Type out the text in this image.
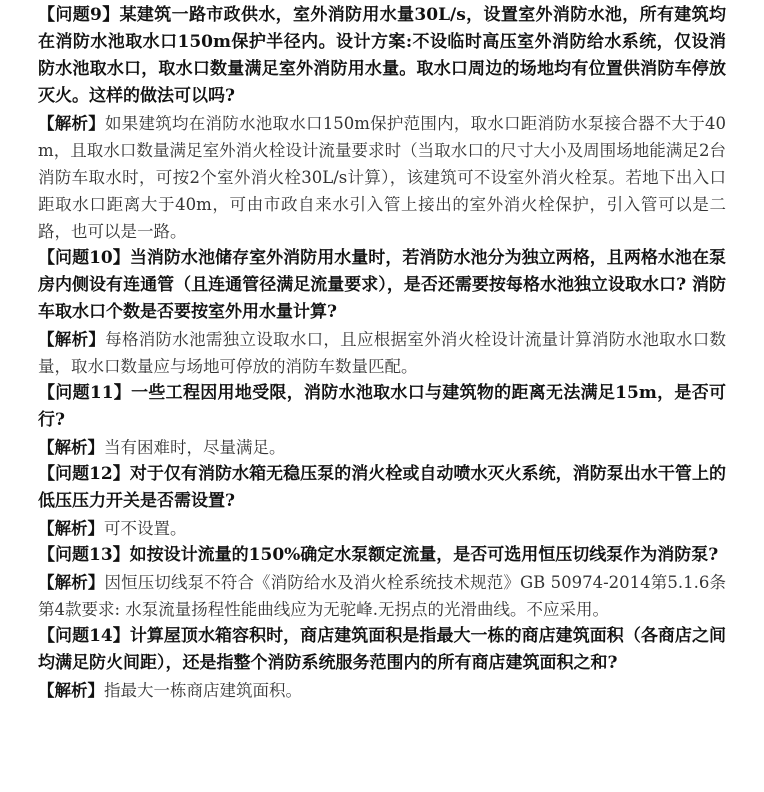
【问题9】某建筑一路市政供水，室外消防用水量30L/s，设置室外消防水池，所有建筑均在消防水池取水口150m保护半径内。设计方案:不设临时高压室外消防给水系统，仅设消防水池取水口，取水口数量满足室外消防用水量。取水口周边的场地均有位置供消防车停放灭火。这样的做法可以吗?

【解析】如果建筑均在消防水池取水口150m保护范围内，取水口距消防水泵接合器不大于40m，且取水口数量满足室外消火栓设计流量要求时（当取水口的尺寸大小及周围场地能满足2台消防车取水时，可按2个室外消火栓30L/s计算），该建筑可不设室外消火栓泵。若地下出入口距取水口距离大于40m，可由市政自来水引入管上接出的室外消火栓保护，引入管可以是二路，也可以是一路。

【问题10】当消防水池储存室外消防用水量时，若消防水池分为独立两格，且两格水池在泵房内侧设有连通管（且连通管径满足流量要求），是否还需要按每格水池独立设取水口? 消防车取水口个数是否要按室外用水量计算?

【解析】每格消防水池需独立设取水口，且应根据室外消火栓设计流量计算消防水池取水口数量，取水口数量应与场地可停放的消防车数量匹配。

【问题11】一些工程因用地受限，消防水池取水口与建筑物的距离无法满足15m，是否可行?

【解析】当有困难时，尽量满足。

【问题12】对于仅有消防水箱无稳压泵的消火栓或自动喷水灭火系统，消防泵出水干管上的低压压力开关是否需设置?

【解析】可不设置。

【问题13】如按设计流量的150%确定水泵额定流量，是否可选用恒压切线泵作为消防泵?

【解析】因恒压切线泵不符合《消防给水及消火栓系统技术规范》GB 50974-2014第5.1.6条第4款要求: 水泵流量扬程性能曲线应为无驼峰.无拐点的光滑曲线。不应采用。

【问题14】计算屋顶水箱容积时，商店建筑面积是指最大一栋的商店建筑面积（各商店之间均满足防火间距），还是指整个消防系统服务范围内的所有商店建筑面积之和?

【解析】指最大一栋商店建筑面积。
